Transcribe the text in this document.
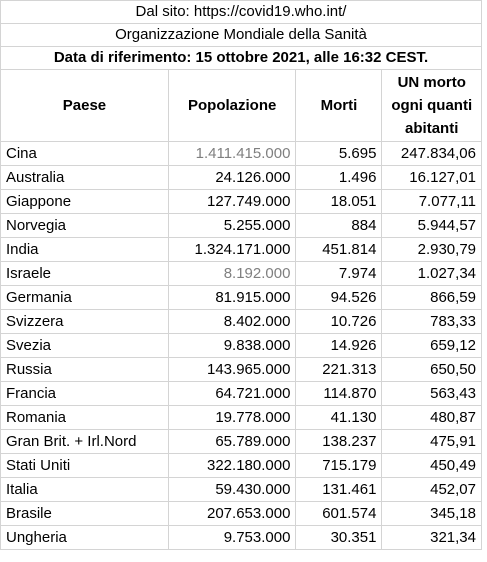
Dal sito: https://covid19.who.int/			
Organizzazione Mondiale della Sanità			
Data di riferimento: 15 ottobre 2021, alle 16:32 CEST.			
Paese	Popolazione	Morti	UN morto ogni quanti abitanti
Cina	1.411.415.000	5.695	247.834,06
Australia	24.126.000	1.496	16.127,01
Giappone	127.749.000	18.051	7.077,11
Norvegia	5.255.000	884	5.944,57
India	1.324.171.000	451.814	2.930,79
Israele	8.192.000	7.974	1.027,34
Germania	81.915.000	94.526	866,59
Svizzera	8.402.000	10.726	783,33
Svezia	9.838.000	14.926	659,12
Russia	143.965.000	221.313	650,50
Francia	64.721.000	114.870	563,43
Romania	19.778.000	41.130	480,87
Gran Brit. + Irl.Nord	65.789.000	138.237	475,91
Stati Uniti	322.180.000	715.179	450,49
Italia	59.430.000	131.461	452,07
Brasile	207.653.000	601.574	345,18
Ungheria	9.753.000	30.351	321,34
